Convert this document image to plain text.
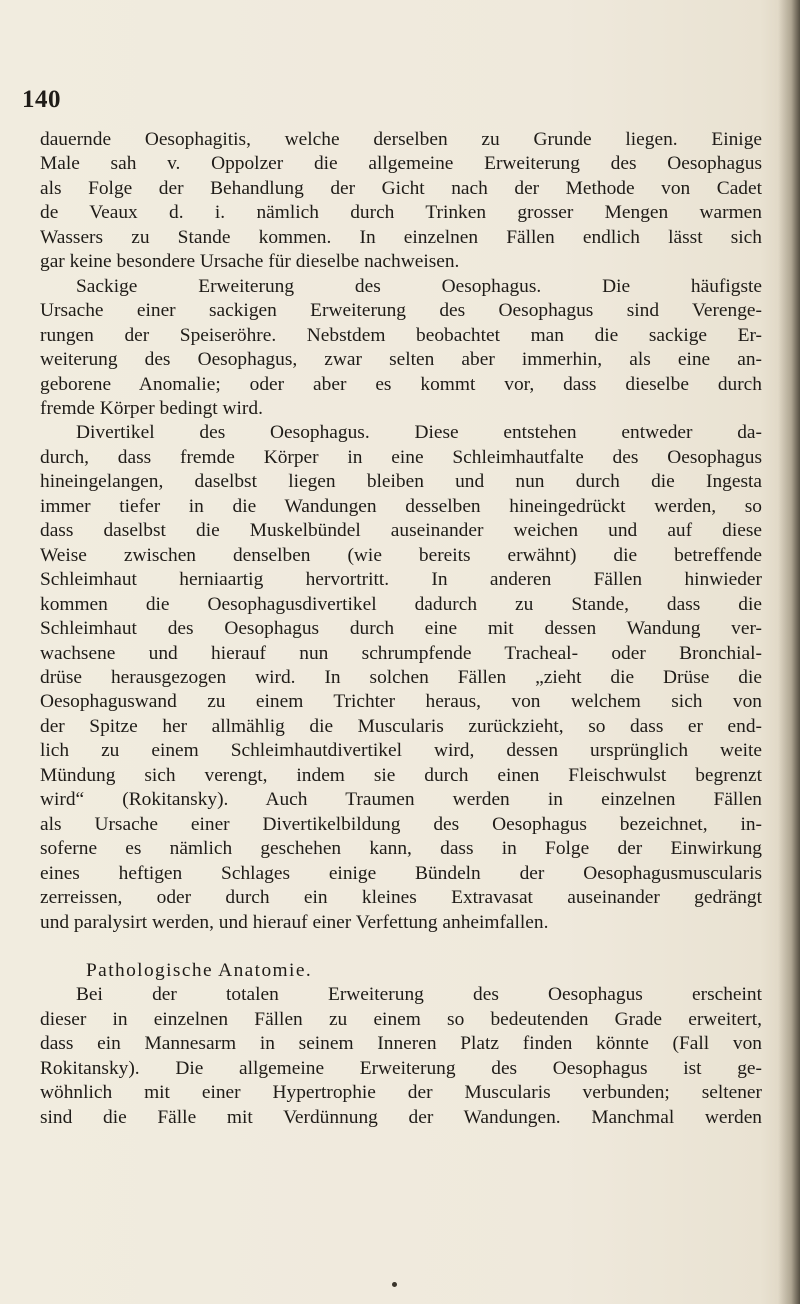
140
dauernde Oesophagitis, welche derselben zu Grunde liegen. Einige
Male sah v. Oppolzer die allgemeine Erweiterung des Oesophagus
als Folge der Behandlung der Gicht nach der Methode von Cadet
de Veaux d. i. nämlich durch Trinken grosser Mengen warmen
Wassers zu Stande kommen. In einzelnen Fällen endlich lässt sich
gar keine besondere Ursache für dieselbe nachweisen.
Sackige Erweiterung des Oesophagus. Die häufigste
Ursache einer sackigen Erweiterung des Oesophagus sind Verenge-
rungen der Speiseröhre. Nebstdem beobachtet man die sackige Er-
weiterung des Oesophagus, zwar selten aber immerhin, als eine an-
geborene Anomalie; oder aber es kommt vor, dass dieselbe durch
fremde Körper bedingt wird.
Divertikel des Oesophagus. Diese entstehen entweder da-
durch, dass fremde Körper in eine Schleimhautfalte des Oesophagus
hineingelangen, daselbst liegen bleiben und nun durch die Ingesta
immer tiefer in die Wandungen desselben hineingedrückt werden, so
dass daselbst die Muskelbündel auseinander weichen und auf diese
Weise zwischen denselben (wie bereits erwähnt) die betreffende
Schleimhaut herniaartig hervortritt. In anderen Fällen hinwieder
kommen die Oesophagusdivertikel dadurch zu Stande, dass die
Schleimhaut des Oesophagus durch eine mit dessen Wandung ver-
wachsene und hierauf nun schrumpfende Tracheal- oder Bronchial-
drüse herausgezogen wird. In solchen Fällen „zieht die Drüse die
Oesophaguswand zu einem Trichter heraus, von welchem sich von
der Spitze her allmählig die Muscularis zurückzieht, so dass er end-
lich zu einem Schleimhautdivertikel wird, dessen ursprünglich weite
Mündung sich verengt, indem sie durch einen Fleischwulst begrenzt
wird“ (Rokitansky). Auch Traumen werden in einzelnen Fällen
als Ursache einer Divertikelbildung des Oesophagus bezeichnet, in-
soferne es nämlich geschehen kann, dass in Folge der Einwirkung
eines heftigen Schlages einige Bündeln der Oesophagusmuscularis
zerreissen, oder durch ein kleines Extravasat auseinander gedrängt
und paralysirt werden, und hierauf einer Verfettung anheimfallen.
Pathologische Anatomie.
Bei der totalen Erweiterung des Oesophagus erscheint
dieser in einzelnen Fällen zu einem so bedeutenden Grade erweitert,
dass ein Mannesarm in seinem Inneren Platz finden könnte (Fall von
Rokitansky). Die allgemeine Erweiterung des Oesophagus ist ge-
wöhnlich mit einer Hypertrophie der Muscularis verbunden; seltener
sind die Fälle mit Verdünnung der Wandungen. Manchmal werden
